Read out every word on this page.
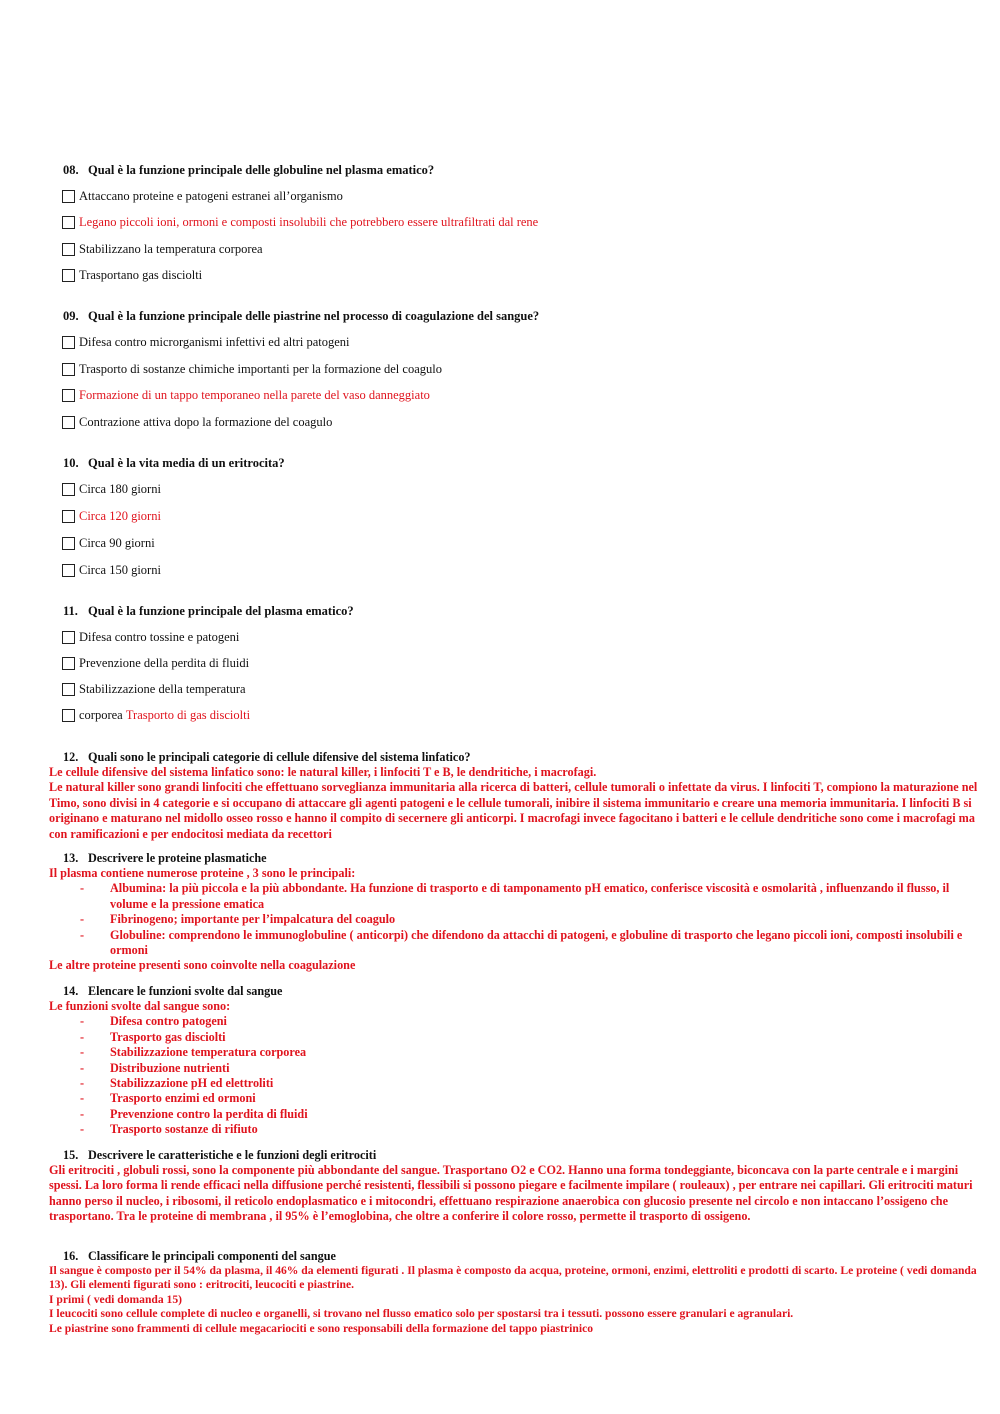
08. Qual è la funzione principale delle globuline nel plasma ematico?
Attaccano proteine e patogeni estranei all’organismo
Legano piccoli ioni, ormoni e composti insolubili che potrebbero essere ultrafiltrati dal rene
Stabilizzano la temperatura corporea
Trasportano gas disciolti
09. Qual è la funzione principale delle piastrine nel processo di coagulazione del sangue?
Difesa contro microrganismi infettivi ed altri patogeni
Trasporto di sostanze chimiche importanti per la formazione del coagulo
Formazione di un tappo temporaneo nella parete del vaso danneggiato
Contrazione attiva dopo la formazione del coagulo
10. Qual è la vita media di un eritrocita?
Circa 180 giorni
Circa 120 giorni
Circa 90 giorni
Circa 150 giorni
11. Qual è la funzione principale del plasma ematico?
Difesa contro tossine e patogeni
Prevenzione della perdita di fluidi
Stabilizzazione della temperatura
corporea
Trasporto di gas disciolti
12. Quali sono le principali categorie di cellule difensive del sistema linfatico?

Le cellule difensive del sistema linfatico sono: le natural killer, i linfociti T e B, le dendritiche, i macrofagi.

Le natural killer sono grandi linfociti che effettuano sorveglianza immunitaria alla ricerca di batteri, cellule tumorali o infettate da virus. I linfociti T, compiono la maturazione nel Timo, sono divisi in 4 categorie e si occupano di attaccare gli agenti patogeni e le cellule tumorali, inibire il sistema immunitario e creare una memoria immunitaria. I linfociti B si originano e maturano nel midollo osseo rosso e hanno il compito di secernere gli anticorpi. I macrofagi invece fagocitano i batteri e le cellule dendritiche sono come i macrofagi ma con ramificazioni e per endocitosi mediata da recettori

13. Descrivere le proteine plasmatiche

Il plasma contiene numerose proteine , 3 sono le principali:

- Albumina: la più piccola e la più abbondante. Ha funzione di trasporto e di tamponamento pH ematico, conferisce viscosità e osmolarità , influenzando il flusso, il volume e la pressione ematica
- Fibrinogeno; importante per l’impalcatura del coagulo
- Globuline: comprendono le immunoglobuline ( anticorpi) che difendono da attacchi di patogeni, e globuline di trasporto che legano piccoli ioni, composti insolubili e ormoni

Le altre proteine presenti sono coinvolte nella coagulazione

14. Elencare le funzioni svolte dal sangue

Le funzioni svolte dal sangue sono:

- Difesa contro patogeni
- Trasporto gas disciolti
- Stabilizzazione temperatura corporea
- Distribuzione nutrienti
- Stabilizzazione pH ed elettroliti
- Trasporto enzimi ed ormoni
- Prevenzione contro la perdita di fluidi
- Trasporto sostanze di rifiuto
15. Descrivere le caratteristiche e le funzioni degli eritrociti

Gli eritrociti , globuli rossi, sono la componente più abbondante del sangue. Trasportano O2 e CO2. Hanno una forma tondeggiante, biconcava con la parte centrale e i margini spessi. La loro forma li rende efficaci nella diffusione perché resistenti, flessibili si possono piegare e facilmente impilare ( rouleaux) , per entrare nei capillari. Gli eritrociti maturi hanno perso il nucleo, i ribosomi, il reticolo endoplasmatico e i mitocondri, effettuano respirazione anaerobica con glucosio presente nel circolo e non intaccano l’ossigeno che trasportano. Tra le proteine di membrana , il 95% è l’emoglobina, che oltre a conferire il colore rosso, permette il trasporto di ossigeno.

16. Classificare le principali componenti del sangue

Il sangue è composto per il 54% da plasma, il 46% da elementi figurati . Il plasma è composto da acqua, proteine, ormoni, enzimi, elettroliti e prodotti di scarto. Le proteine ( vedi domanda 13). Gli elementi figurati sono : eritrociti, leucociti e piastrine.

I primi ( vedi domanda 15)

I leucociti sono cellule complete di nucleo e organelli, si trovano nel flusso ematico solo per spostarsi tra i tessuti. possono essere granulari e agranulari.

Le piastrine sono frammenti di cellule megacariociti e sono responsabili della formazione del tappo piastrinico
